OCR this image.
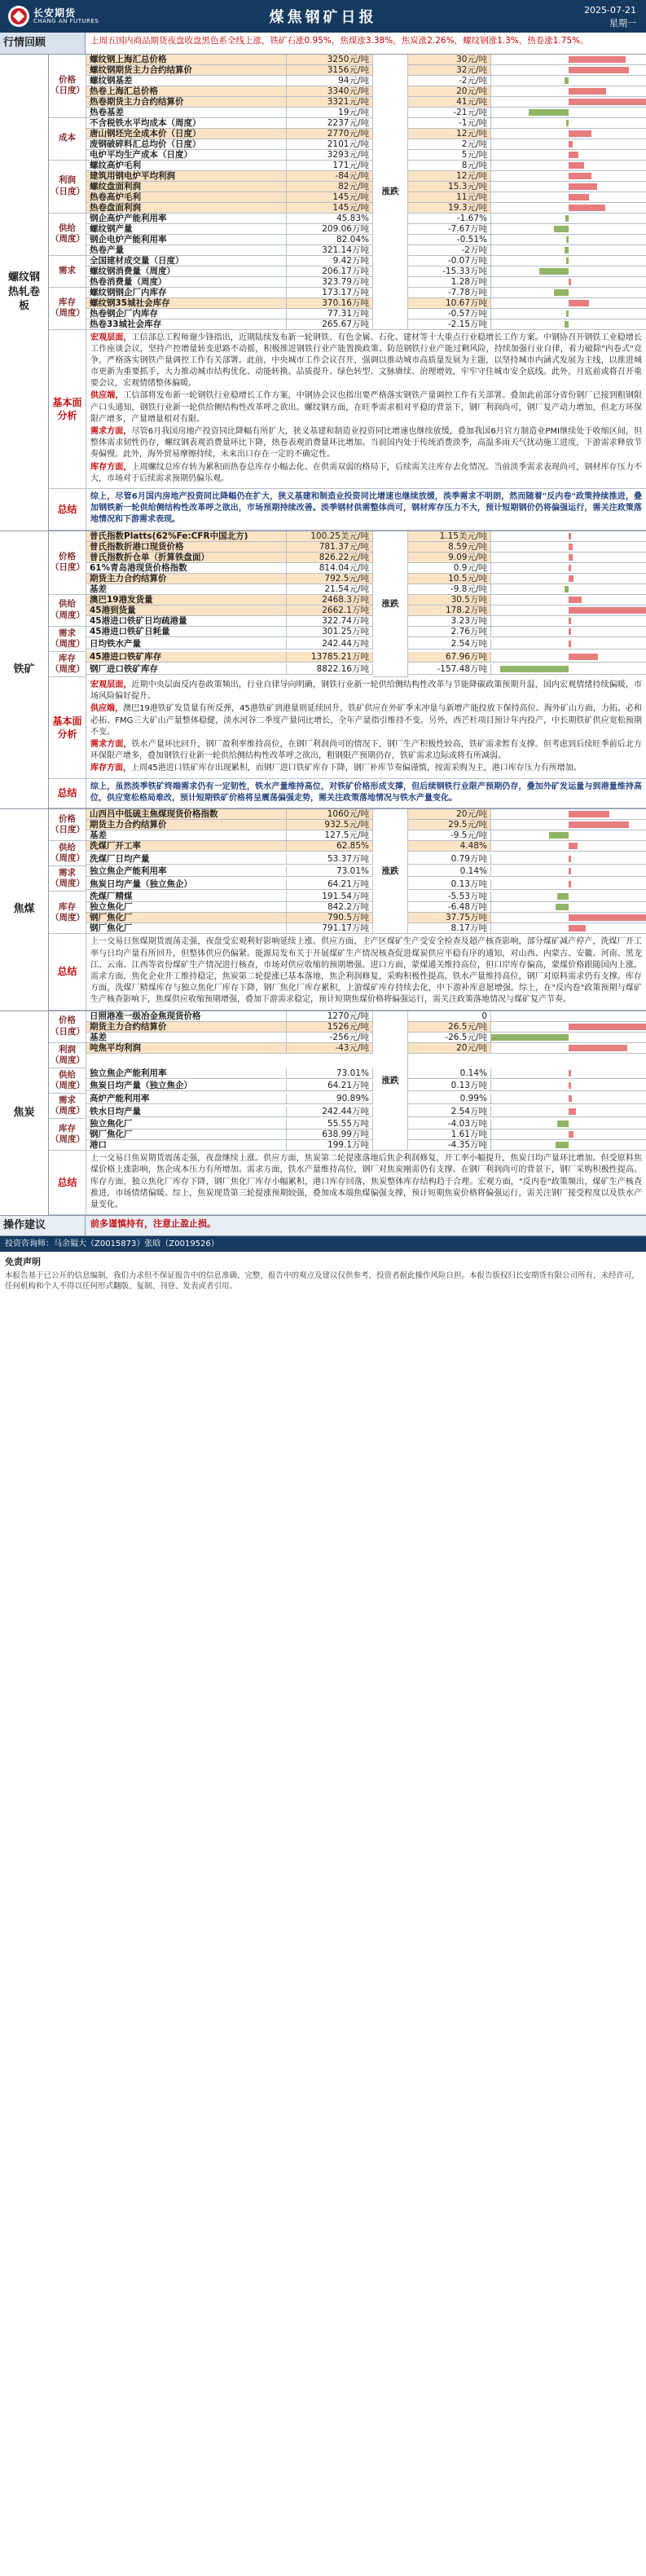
长安期货
CHANG AN FUTURES	煤焦钢矿日报	2025-07-21
星期一
行情回顾	上周五国内商品期货夜盘收盘黑色系全线上涨，铁矿石涨0.95%，焦煤涨3.38%，焦炭涨2.26%，螺纹钢涨1.3%，热卷涨1.75%。
螺纹钢热轧卷板
价格（日度）
螺纹钢上海汇总价格	3250元/吨	30元/吨
螺纹钢期货主力合约结算价	3156元/吨	32元/吨
螺纹钢基差	94元/吨	-2元/吨
热卷上海汇总价格	3340元/吨	20元/吨
热卷期货主力合约结算价	3321元/吨	41元/吨
热卷基差	19元/吨	-21元/吨
成本
不含税铁水平均成本（周度）	2237元/吨	-1元/吨
唐山钢坯完全成本价（日度）	2770元/吨	12元/吨
废钢破碎料汇总均价（日度）	2101元/吨	2元/吨
电炉平均生产成本（日度）	3293元/吨	5元/吨
利润（日度）
螺纹高炉毛利	171元/吨	8元/吨
建筑用钢电炉平均利润	-84元/吨	12元/吨
螺纹盘面利润	82元/吨	15.3元/吨
热卷高炉毛利	145元/吨	11元/吨
热卷盘面利润	145元/吨	19.3元/吨
供给（周度）
钢企高炉产能利用率	45.83%	-1.67%
螺纹钢产量	209.06万吨	-7.67万吨
钢企电炉产能利用率	82.04%	-0.51%
热卷产量	321.14万吨	-2万吨
需求
全国建材成交量（日度）	9.42万吨	-0.07万吨
螺纹钢消费量（周度）	206.17万吨	-15.33万吨
热卷消费量（周度）	323.79万吨	1.28万吨
库存（周度）
螺纹钢钢企厂内库存	173.17万吨	-7.78万吨
螺纹钢35城社会库存	370.16万吨	10.67万吨
热卷钢企厂内库存	77.31万吨	-0.57万吨
热卷33城社会库存	265.67万吨	-2.15万吨
涨跌
基本面分析

宏观层面，工信部总工程师谢少锋指出，近期陆续发布新一轮钢铁、有色金属、石化、建材等十大重点行业稳增长工作方案。中钢协召开钢铁工业稳增长工作座谈会议，坚持产控增量转变思路不动摇，积极推进钢铁行业产能置换政策、防范钢铁行业产能过剩风险，持续加强行业自律，着力破除"内卷式"竞争，严格落实钢铁产量调控工作有关部署。此前，中央城市工作会议召开，强调以推动城市高质量发展为主题，以坚持城市内涵式发展为主线，以推进城市更新为重要抓手，大力推动城市结构优化、动能转换、品质提升、绿色转型、文脉赓续、治理增效，牢牢守住城市安全底线。此外，月底前或将召开重要会议，宏观情绪整体偏暖。

供应端，工信部将发布新一轮钢铁行业稳增长工作方案，中钢协会议也指出要严格落实钢铁产量调控工作有关部署。叠加此前部分省份钢厂已接到粗钢限产口头通知，钢铁行业新一轮供给侧结构性改革呼之欲出。螺纹钢方面，在旺季需求相对平稳的背景下，钢厂利润尚可，钢厂复产动力增加，但北方环保限产增多，产量增量相对有限。

需求方面，尽管6月我国房地产投资同比降幅有所扩大，狭义基建和制造业投资同比增速也继续放缓，叠加我国6月官方制造业PMI继续处于收缩区间，但整体需求韧性仍存，螺纹钢表观消费量环比下降，热卷表观消费量环比增加。当前国内处于传统消费淡季，高温多雨天气扰动施工进度，下游需求释放节奏偏慢。此外，海外贸易摩擦持续，未来出口存在一定的不确定性。

库存方面，上周螺纹总库存转为累积而热卷总库存小幅去化。在供需双弱的格局下，后续需关注库存去化情况。当前淡季需求表现尚可，钢材库存压力不大，市场对于后续需求预期仍偏乐观。

总结

综上，尽管6月国内房地产投资同比降幅仍在扩大，狭义基建和制造业投资同比增速也继续放缓，淡季需求不明朗，然而随着"反内卷"政策持续推进，叠加钢铁新一轮供给侧结构性改革呼之欲出，市场预期持续改善。淡季钢材供需整体尚可，钢材库存压力不大，预计短期钢价仍将偏强运行，需关注政策落地情况和下游需求表现。

铁矿
价格（日度）
普氏指数Platts(62%Fe:CFR中国北方)	100.25美元/吨	1.15美元/吨
普氏指数折港口现货价格	781.37元/吨	8.59元/吨
普氏指数折仓单（折算铁盘面）	826.22元/吨	9.09元/吨
61%青岛港现货价格指数	814.04元/吨	0.9元/吨
期货主力合约结算价	792.5元/吨	10.5元/吨
基差	21.54元/吨	-9.8元/吨
供给（周度）
澳巴19港发货量	2468.3万吨	30.5万吨
45港到货量	2662.1万吨	178.2万吨
45港进口铁矿日均疏港量	322.74万吨	3.23万吨
需求（周度）
45港进口铁矿日耗量	301.25万吨	2.76万吨
日均铁水产量	242.44万吨	2.54万吨
库存（周度）
45港进口铁矿库存	13785.21万吨	67.96万吨
钢厂进口铁矿库存	8822.16万吨	-157.48万吨
涨跌
基本面分析

宏观层面，近期中央层面反内卷政策频出，行业自律导向明确，钢铁行业新一轮供给侧结构性改革与节能降碳政策预期升温，国内宏观情绪持续偏暖，市场风险偏好提升。

供应端，澳巴19港铁矿发货量有所反弹，45港铁矿到港量则延续回升，铁矿供应在外矿季末冲量与新增产能投放下保持高位。海外矿山方面，力拓、必和必拓、FMG三大矿山产量整体稳健，淡水河谷二季度产量同比增长，全年产量指引维持不变。另外，西芒杜项目预计年内投产，中长期铁矿供应宽松预期不变。

需求方面，铁水产量环比回升，钢厂盈利率维持高位，在钢厂利润尚可的情况下，钢厂生产积极性较高，铁矿需求暂有支撑。但考虑到后续旺季前后北方环保限产增多，叠加钢铁行业新一轮供给侧结构性改革呼之欲出，粗钢限产预期仍存，铁矿需求边际或将有所减弱。

库存方面，上周45港进口铁矿库存出现累积，而钢厂进口铁矿库存下降，钢厂补库节奏偏谨慎，按需采购为主，港口库存压力有所增加。

总结

综上，虽然淡季铁矿终端需求仍有一定韧性，铁水产量维持高位，对铁矿价格形成支撑，但后续钢铁行业限产预期仍存，叠加外矿发运量与到港量维持高位，供应宽松格局难改，预计短期铁矿价格将呈震荡偏强走势，需关注政策落地情况与铁水产量变化。

焦煤
价格（日度）
山西吕中低硫主焦煤现货价格指数	1060元/吨	20元/吨
期货主力合约结算价	932.5元/吨	29.5元/吨
基差	127.5元/吨	-9.5元/吨
供给（周度）
洗煤厂开工率	62.85%	4.48%
洗煤厂日均产量	53.37万吨	0.79万吨
需求（周度）
独立焦企产能利用率	73.01%	0.14%
焦炭日均产量（独立焦企）	64.21万吨	0.13万吨
库存（周度）
洗煤厂精煤	191.54万吨	-5.53万吨
独立焦化厂	842.2万吨	-6.48万吨
钢厂焦化厂	790.5万吨	37.75万吨
钢厂焦化厂	791.17万吨	8.17万吨
涨跌
总结

上一交易日焦煤期货震荡走强，夜盘受宏观利好影响延续上涨。供应方面，主产区煤矿生产受安全检查及超产核查影响，部分煤矿减产停产，洗煤厂开工率与日均产量有所回升，但整体供应仍偏紧。能源局发布关于开展煤矿生产情况核查促进煤炭供应平稳有序的通知，对山西、内蒙古、安徽、河南、黑龙江、云南、江西等省份煤矿生产情况进行核查，市场对供应收缩的预期增强。进口方面，蒙煤通关维持高位，但口岸库存偏高，蒙煤价格跟随国内上涨。需求方面，焦化企业开工维持稳定，焦炭第二轮提涨已基本落地，焦企利润修复，采购积极性提高。铁水产量维持高位，钢厂对原料需求仍有支撑。库存方面，洗煤厂精煤库存与独立焦化厂库存下降，钢厂焦化厂库存累积，上游煤矿库存持续去化，中下游补库意愿增强。综上，在"反内卷"政策预期与煤矿生产核查影响下，焦煤供应收缩预期增强，叠加下游需求稳定，预计短期焦煤价格将偏强运行，需关注政策落地情况与煤矿复产节奏。

焦炭
价格（日度）
日照港准一级冶金焦现货价格	1270元/吨	0
期货主力合约结算价	1526元/吨	26.5元/吨
基差	-256元/吨	-26.5元/吨
利润（周度）
吨焦平均利润	-43元/吨	20元/吨
供给（周度）
独立焦企产能利用率	73.01%	0.14%
焦炭日均产量（独立焦企）	64.21万吨	0.13万吨
需求（周度）
高炉产能利用率	90.89%	0.99%
铁水日均产量	242.44万吨	2.54万吨
库存（周度）
独立焦化厂	55.55万吨	-4.03万吨
钢厂焦化厂	638.99万吨	1.61万吨
港口	199.1万吨	-4.35万吨
涨跌
总结

上一交易日焦炭期货震荡走强，夜盘继续上涨。供应方面，焦炭第二轮提涨落地后焦企利润修复，开工率小幅提升，焦炭日均产量环比增加。但受原料焦煤价格上涨影响，焦企成本压力有所增加。需求方面，铁水产量维持高位，钢厂对焦炭刚需仍有支撑。在钢厂利润尚可的背景下，钢厂采购积极性提高。库存方面，独立焦化厂库存下降，钢厂焦化厂库存小幅累积，港口库存回落，焦炭整体库存结构趋于合理。宏观方面，"反内卷"政策频出，煤矿生产核查推进，市场情绪偏暖。综上，焦炭现货第三轮提涨预期较强，叠加成本端焦煤偏强支撑，预计短期焦炭价格将偏强运行，需关注钢厂接受程度以及铁水产量变化。

操作建议	前多谨慎持有，注意止盈止损。
投资咨询师：马余韫大（Z0015873）张晗（Z0019526）
免责声明
本报告基于已公开的信息编制，我们力求但不保证报告中的信息准确、完整，报告中的观点及建议仅供参考，投资者据此操作风险自担。本报告版权归长安期货有限公司所有，未经许可，任何机构和个人不得以任何形式翻版、复制、刊登、发表或者引用。
